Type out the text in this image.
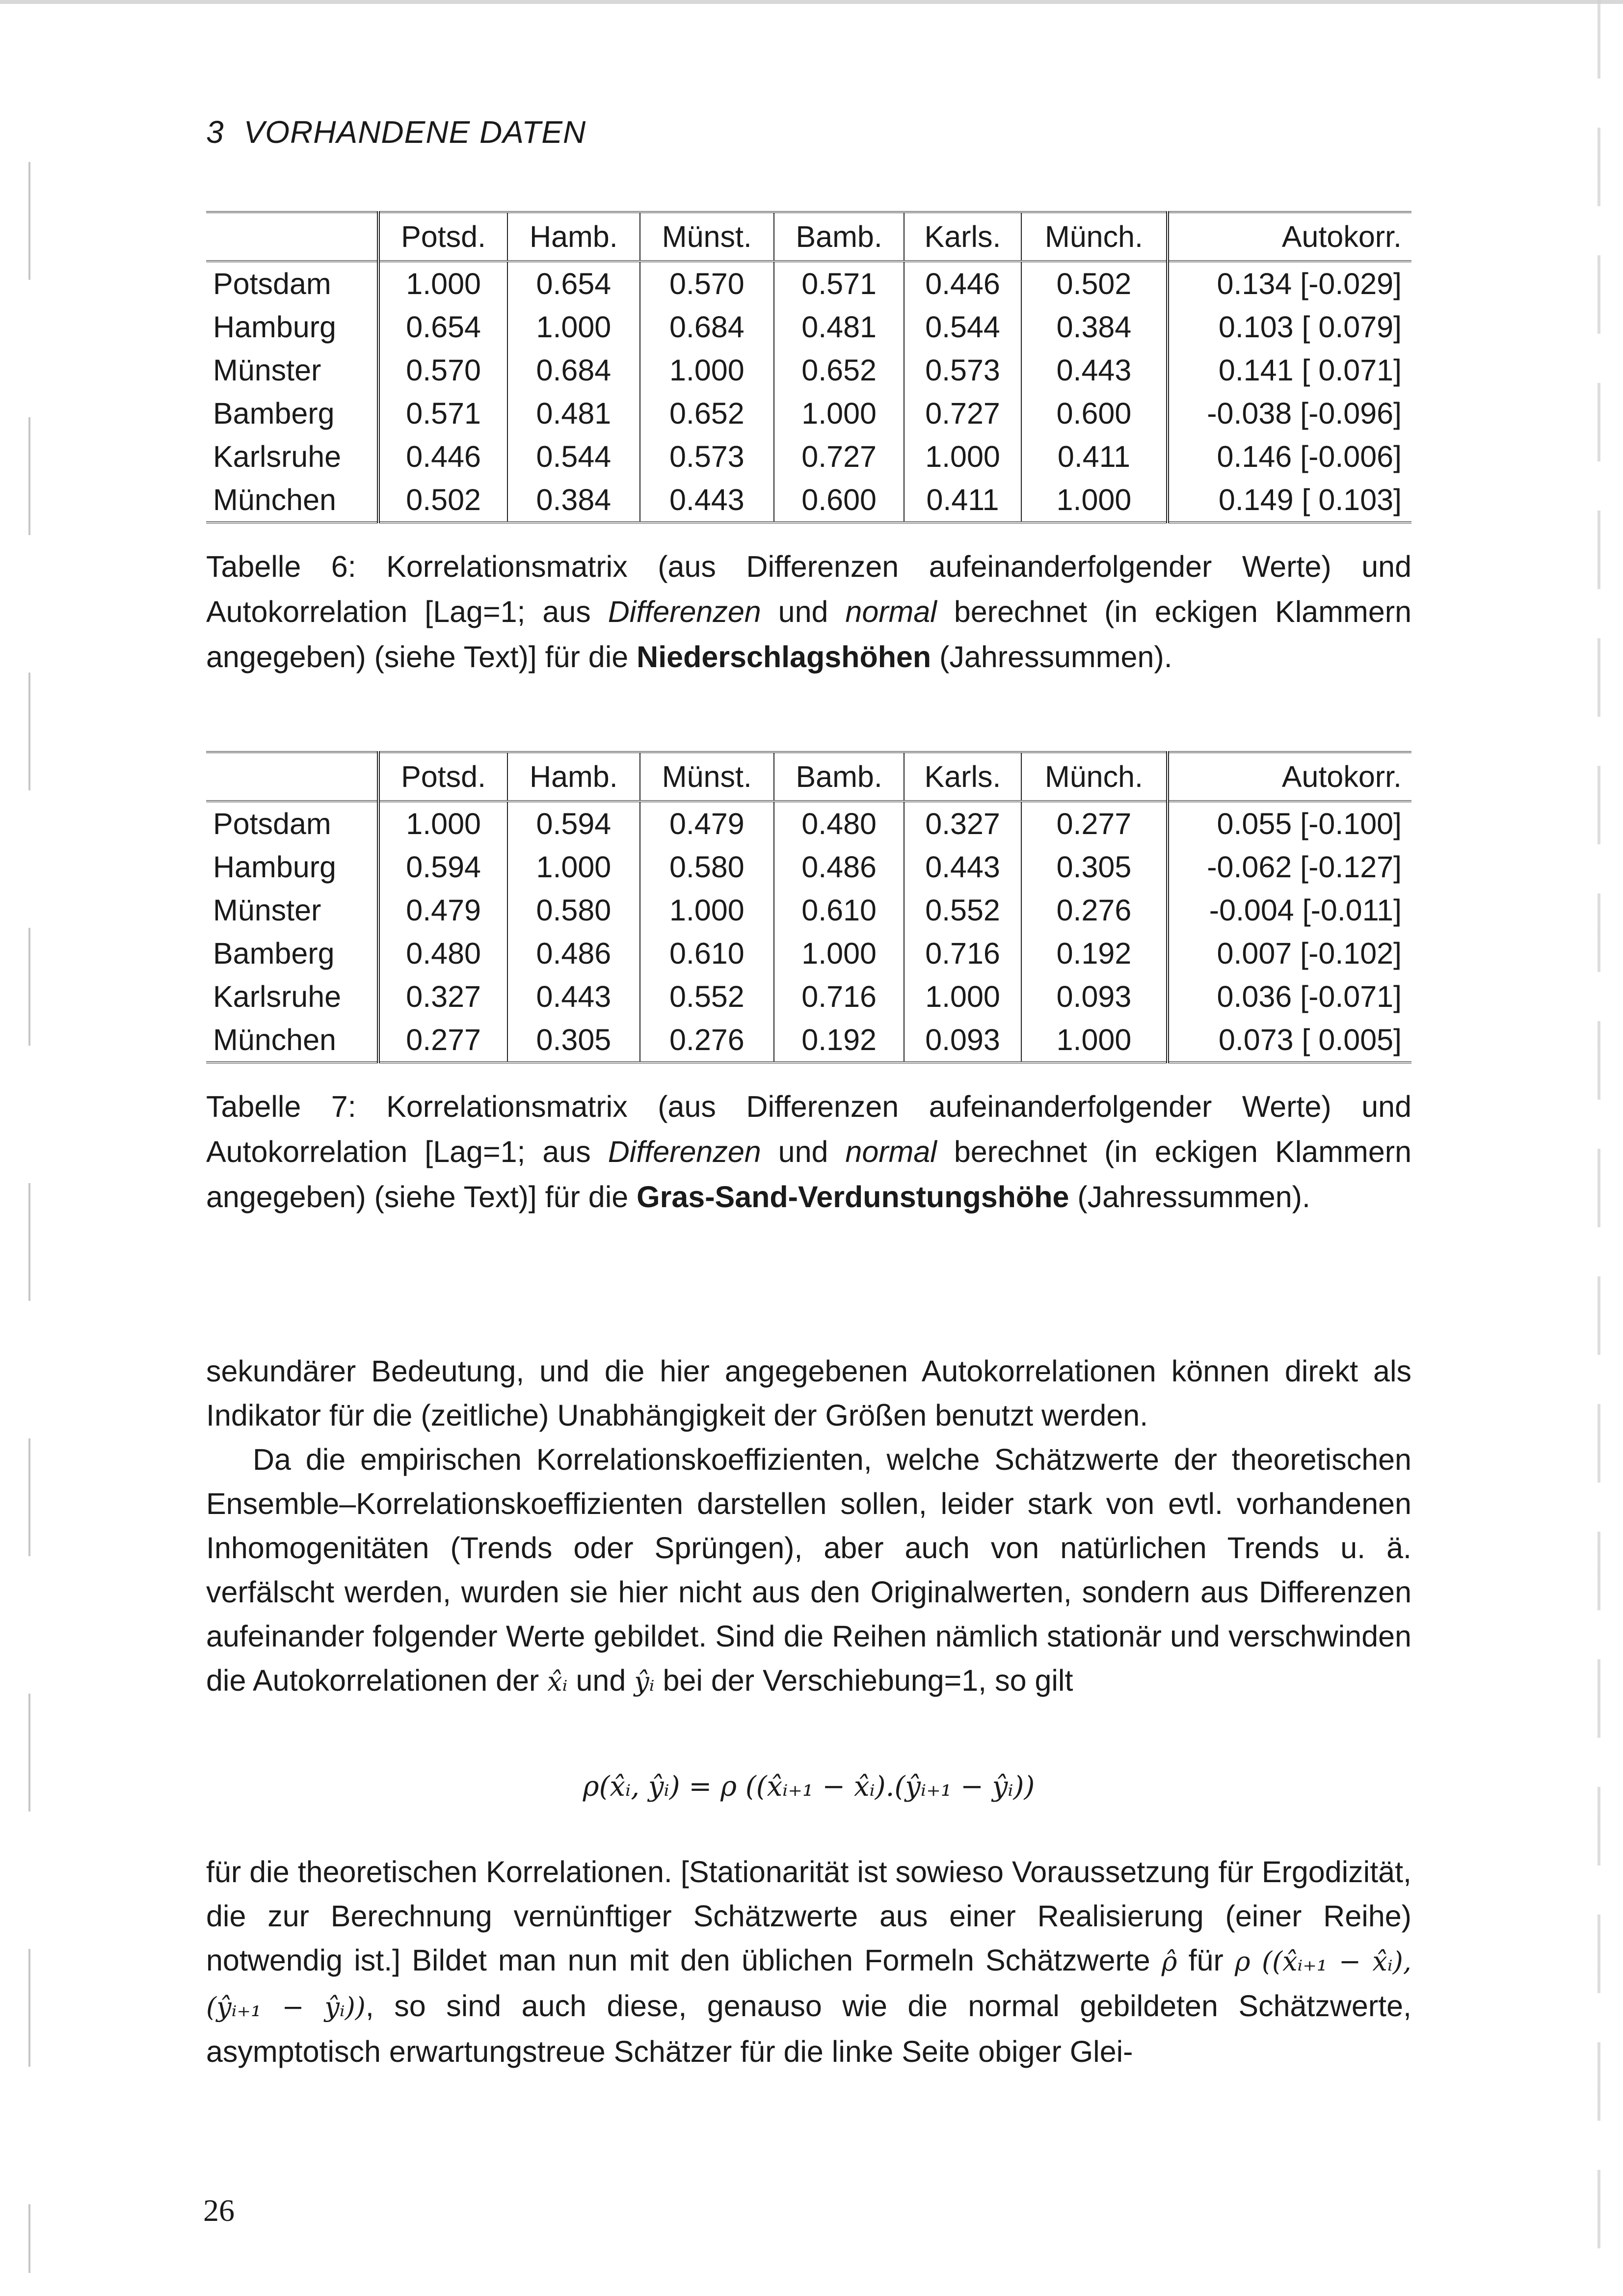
3 VORHANDENE DATEN
	Potsd.	Hamb.	Münst.	Bamb.	Karls.	Münch.	Autokorr.
Potsdam	1.000	0.654	0.570	0.571	0.446	0.502	0.134 [-0.029]
Hamburg	0.654	1.000	0.684	0.481	0.544	0.384	0.103 [ 0.079]
Münster	0.570	0.684	1.000	0.652	0.573	0.443	0.141 [ 0.071]
Bamberg	0.571	0.481	0.652	1.000	0.727	0.600	-0.038 [-0.096]
Karlsruhe	0.446	0.544	0.573	0.727	1.000	0.411	0.146 [-0.006]
München	0.502	0.384	0.443	0.600	0.411	1.000	0.149 [ 0.103]
Tabelle 6: Korrelationsmatrix (aus Differenzen aufeinanderfolgender Werte) und Autokorrelation [Lag=1; aus Differenzen und normal berechnet (in eckigen Klammern angegeben) (siehe Text)] für die Niederschlagshöhen (Jahressummen).
	Potsd.	Hamb.	Münst.	Bamb.	Karls.	Münch.	Autokorr.
Potsdam	1.000	0.594	0.479	0.480	0.327	0.277	0.055 [-0.100]
Hamburg	0.594	1.000	0.580	0.486	0.443	0.305	-0.062 [-0.127]
Münster	0.479	0.580	1.000	0.610	0.552	0.276	-0.004 [-0.011]
Bamberg	0.480	0.486	0.610	1.000	0.716	0.192	0.007 [-0.102]
Karlsruhe	0.327	0.443	0.552	0.716	1.000	0.093	0.036 [-0.071]
München	0.277	0.305	0.276	0.192	0.093	1.000	0.073 [ 0.005]
Tabelle 7: Korrelationsmatrix (aus Differenzen aufeinanderfolgender Werte) und Autokorrelation [Lag=1; aus Differenzen und normal berechnet (in eckigen Klammern angegeben) (siehe Text)] für die Gras-Sand-Verdunstungshöhe (Jahressummen).

sekundärer Bedeutung, und die hier angegebenen Autokorrelationen können direkt als Indikator für die (zeitliche) Unabhängigkeit der Größen benutzt werden.

Da die empirischen Korrelationskoeffizienten, welche Schätzwerte der theoretischen Ensemble–Korrelationskoeffizienten darstellen sollen, leider stark von evtl. vorhandenen Inhomogenitäten (Trends oder Sprüngen), aber auch von natürlichen Trends u. ä. verfälscht werden, wurden sie hier nicht aus den Originalwerten, sondern aus Differenzen aufeinander folgender Werte gebildet. Sind die Reihen nämlich stationär und verschwinden die Autokorrelationen der x̂ᵢ und ŷᵢ bei der Verschiebung=1, so gilt

ρ(x̂ᵢ, ŷᵢ) = ρ ((x̂ᵢ₊₁ − x̂ᵢ).(ŷᵢ₊₁ − ŷᵢ))

für die theoretischen Korrelationen. [Stationarität ist sowieso Voraussetzung für Ergodizität, die zur Berechnung vernünftiger Schätzwerte aus einer Realisierung (einer Reihe) notwendig ist.] Bildet man nun mit den üblichen Formeln Schätzwerte ρ̂ für ρ ((x̂ᵢ₊₁ − x̂ᵢ),(ŷᵢ₊₁ − ŷᵢ)), so sind auch diese, genauso wie die normal gebildeten Schätzwerte, asymptotisch erwartungstreue Schätzer für die linke Seite obiger Glei-

26
